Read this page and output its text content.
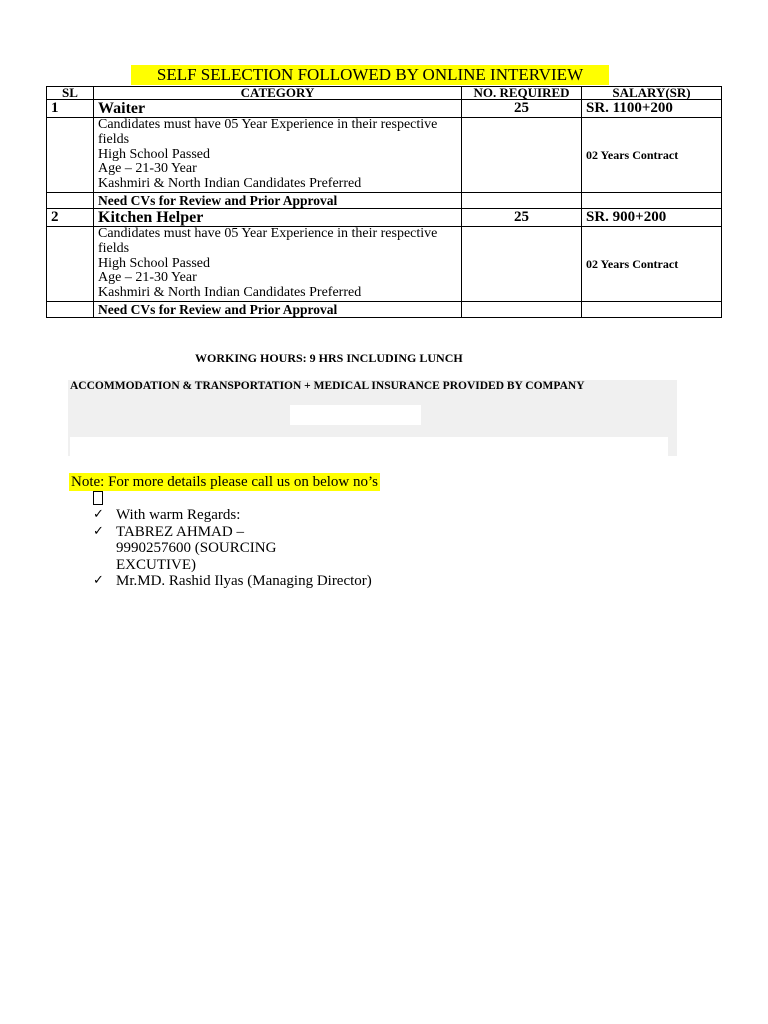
SELF SELECTION FOLLOWED BY ONLINE INTERVIEW
SL	CATEGORY	NO. REQUIRED	SALARY(SR)
1	Waiter	25	SR. 1100+200

	Candidates must have 05 Year Experience in their respective fields
High School Passed
Age – 21-30 Year
Kashmiri & North Indian Candidates Preferred		02 Years Contract
	Need CVs for Review and Prior Approval		
2	Kitchen Helper	25	SR. 900+200

	Candidates must have 05 Year Experience in their respective fields
High School Passed
Age – 21-30 Year
Kashmiri & North Indian Candidates Preferred		02 Years Contract
	Need CVs for Review and Prior Approval		
WORKING HOURS: 9 HRS INCLUDING LUNCH
ACCOMMODATION & TRANSPORTATION + MEDICAL INSURANCE PROVIDED BY COMPANY
Note: For more details please call us on below no’s
✓ With warm Regards:
✓ TABREZ AHMAD – 9990257600 (SOURCING EXCUTIVE)
✓ Mr.MD. Rashid Ilyas (Managing Director)
